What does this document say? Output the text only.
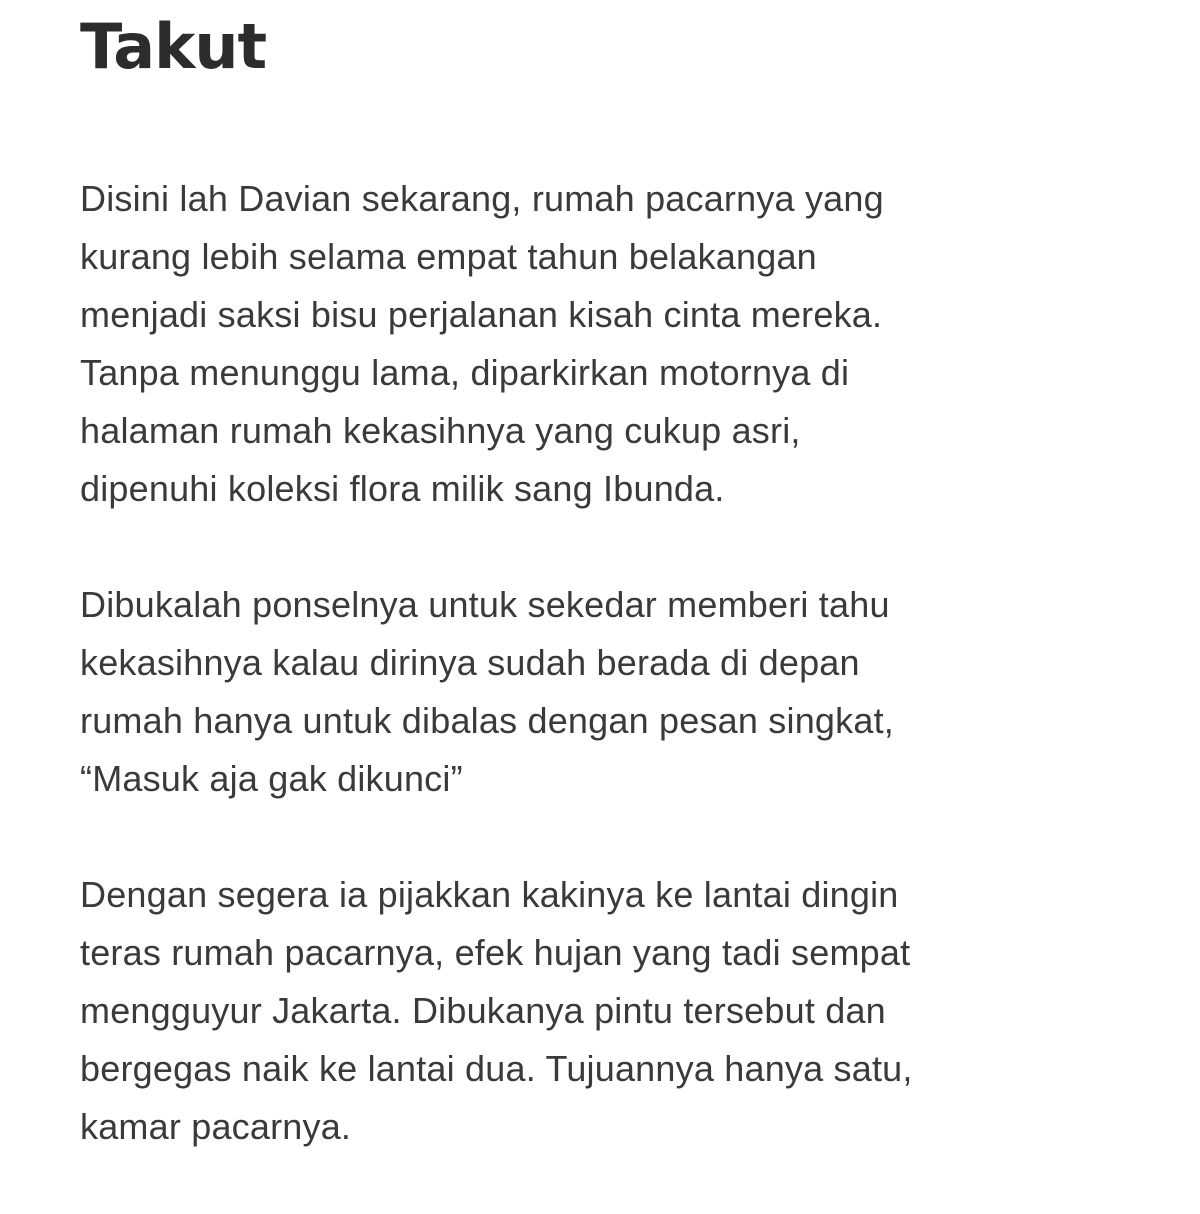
Takut

Disini lah Davian sekarang, rumah pacarnya yang
kurang lebih selama empat tahun belakangan
menjadi saksi bisu perjalanan kisah cinta mereka.
Tanpa menunggu lama, diparkirkan motornya di
halaman rumah kekasihnya yang cukup asri,
dipenuhi koleksi flora milik sang Ibunda.

Dibukalah ponselnya untuk sekedar memberi tahu
kekasihnya kalau dirinya sudah berada di depan
rumah hanya untuk dibalas dengan pesan singkat,
“Masuk aja gak dikunci”

Dengan segera ia pijakkan kakinya ke lantai dingin
teras rumah pacarnya, efek hujan yang tadi sempat
mengguyur Jakarta. Dibukanya pintu tersebut dan
bergegas naik ke lantai dua. Tujuannya hanya satu,
kamar pacarnya.
